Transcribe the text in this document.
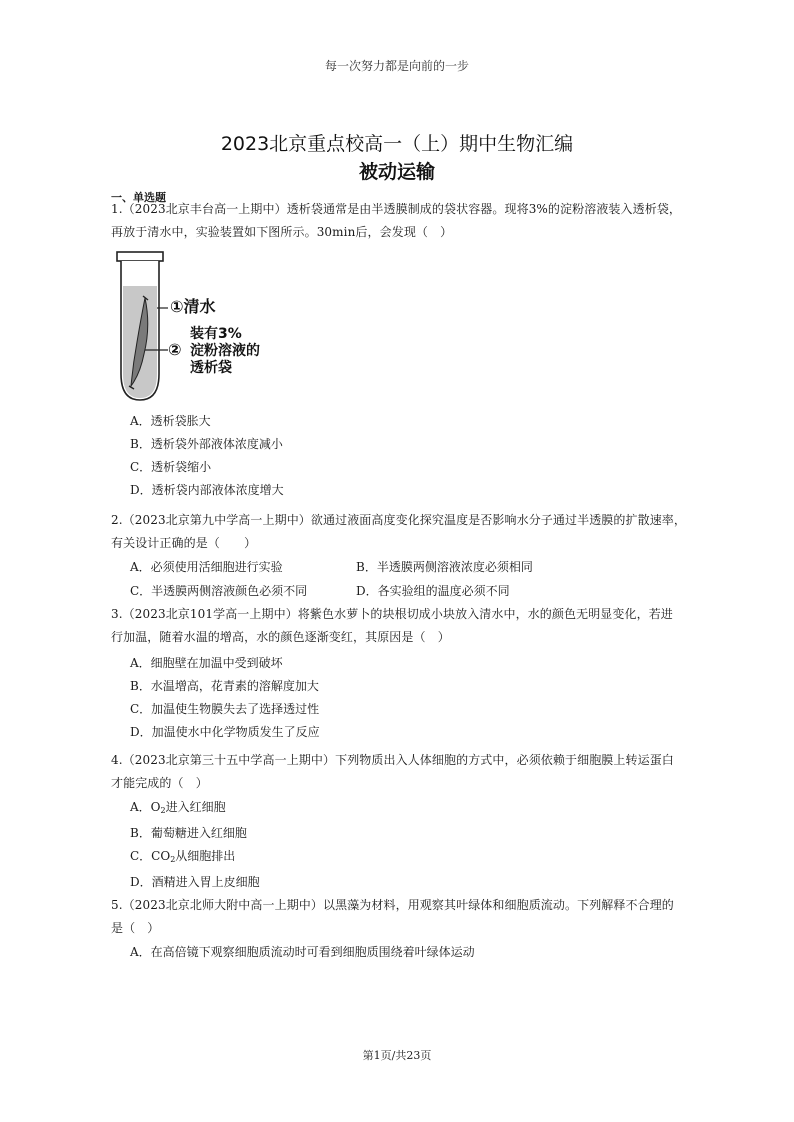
每一次努力都是向前的一步
2023北京重点校高一（上）期中生物汇编
被动运输
一、单选题
1.（2023北京丰台高一上期中）透析袋通常是由半透膜制成的袋状容器。现将3%的淀粉溶液装入透析袋，
再放于清水中，实验装置如下图所示。30min后，会发现（　）
①清水
装有3%
② 淀粉溶液的
透析袋
A．透析袋胀大
B．透析袋外部液体浓度减小
C．透析袋缩小
D．透析袋内部液体浓度增大
2.（2023北京第九中学高一上期中）欲通过液面高度变化探究温度是否影响水分子通过半透膜的扩散速率，
有关设计正确的是（　　）
A．必须使用活细胞进行实验	B．半透膜两侧溶液浓度必须相同
C．半透膜两侧溶液颜色必须不同	D．各实验组的温度必须不同
3.（2023北京101学高一上期中）将紫色水萝卜的块根切成小块放入清水中，水的颜色无明显变化，若进
行加温，随着水温的增高，水的颜色逐渐变红，其原因是（　）
A．细胞壁在加温中受到破坏
B．水温增高，花青素的溶解度加大
C．加温使生物膜失去了选择透过性
D．加温使水中化学物质发生了反应
4.（2023北京第三十五中学高一上期中）下列物质出入人体细胞的方式中，必须依赖于细胞膜上转运蛋白
才能完成的（　）
A．$O_2$进入红细胞
B．葡萄糖进入红细胞
C．$CO_2$从细胞排出
D．酒精进入胃上皮细胞
5.（2023北京北师大附中高一上期中）以黑藻为材料，用观察其叶绿体和细胞质流动。下列解释不合理的
是（　）
A．在高倍镜下观察细胞质流动时可看到细胞质围绕着叶绿体运动
第1页/共23页
